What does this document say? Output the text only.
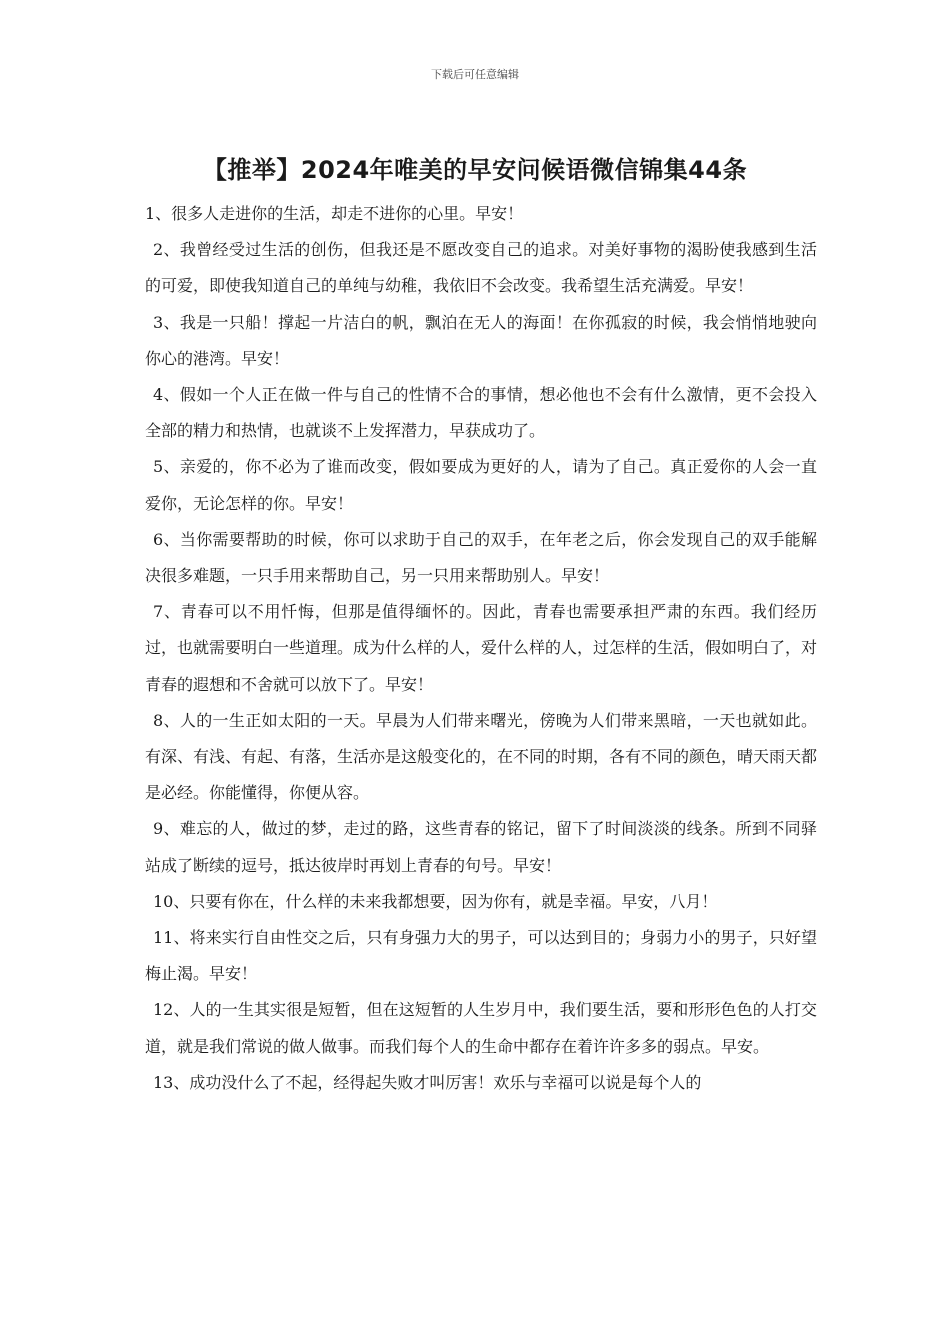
下载后可任意编辑
【推举】2024年唯美的早安问候语微信锦集44条

1、很多人走进你的生活，却走不进你的心里。早安！

2、我曾经受过生活的创伤，但我还是不愿改变自己的追求。对美好事物的渴盼使我感到生活的可爱，即使我知道自己的单纯与幼稚，我依旧不会改变。我希望生活充满爱。早安！

3、我是一只船！撑起一片洁白的帆，飘泊在无人的海面！在你孤寂的时候，我会悄悄地驶向你心的港湾。早安！

4、假如一个人正在做一件与自己的性情不合的事情，想必他也不会有什么激情，更不会投入全部的精力和热情，也就谈不上发挥潜力，早获成功了。

5、亲爱的，你不必为了谁而改变，假如要成为更好的人，请为了自己。真正爱你的人会一直爱你，无论怎样的你。早安！

6、当你需要帮助的时候，你可以求助于自己的双手，在年老之后，你会发现自己的双手能解决很多难题，一只手用来帮助自己，另一只用来帮助别人。早安！

7、青春可以不用忏悔，但那是值得缅怀的。因此，青春也需要承担严肃的东西。我们经历过，也就需要明白一些道理。成为什么样的人，爱什么样的人，过怎样的生活，假如明白了，对青春的遐想和不舍就可以放下了。早安！

8、人的一生正如太阳的一天。早晨为人们带来曙光，傍晚为人们带来黑暗，一天也就如此。有深、有浅、有起、有落，生活亦是这般变化的，在不同的时期，各有不同的颜色，晴天雨天都是必经。你能懂得，你便从容。

9、难忘的人，做过的梦，走过的路，这些青春的铭记，留下了时间淡淡的线条。所到不同驿站成了断续的逗号，抵达彼岸时再划上青春的句号。早安！

10、只要有你在，什么样的未来我都想要，因为你有，就是幸福。早安，八月！

11、将来实行自由性交之后，只有身强力大的男子，可以达到目的；身弱力小的男子，只好望梅止渴。早安！

12、人的一生其实很是短暂，但在这短暂的人生岁月中，我们要生活，要和形形色色的人打交道，就是我们常说的做人做事。而我们每个人的生命中都存在着许许多多的弱点。早安。

13、成功没什么了不起，经得起失败才叫厉害！欢乐与幸福可以说是每个人的
